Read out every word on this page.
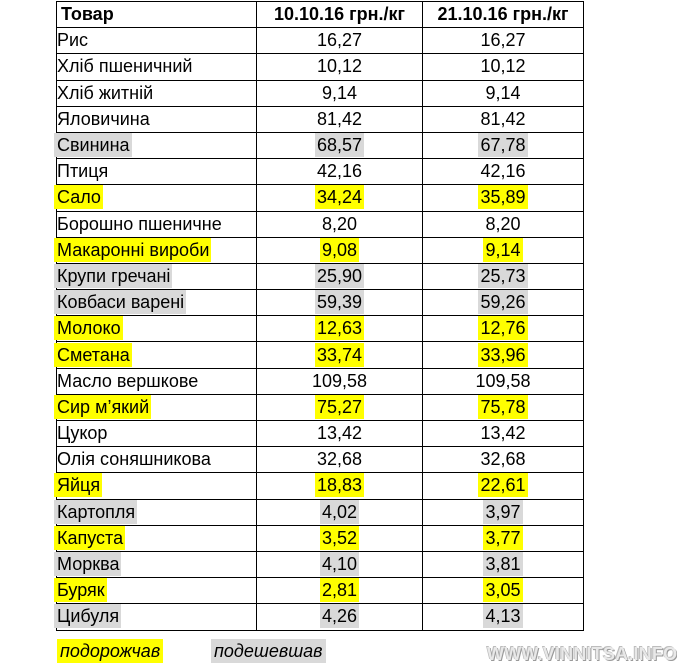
Товар	10.10.16 грн./кг	21.10.16 грн./кг
Рис	16,27	16,27
Хліб пшеничний	10,12	10,12
Хліб житній	9,14	9,14
Яловичина	81,42	81,42
Свинина	68,57	67,78
Птиця	42,16	42,16
Сало	34,24	35,89
Борошно пшеничне	8,20	8,20
Макаронні вироби	9,08	9,14
Крупи гречані	25,90	25,73
Ковбаси варені	59,39	59,26
Молоко	12,63	12,76
Сметана	33,74	33,96
Масло вершкове	109,58	109,58
Сир м’який	75,27	75,78
Цукор	13,42	13,42
Олія соняшникова	32,68	32,68
Яйця	18,83	22,61
Картопля	4,02	3,97
Капуста	3,52	3,77
Морква	4,10	3,81
Буряк	2,81	3,05
Цибуля	4,26	4,13
подорожчав	подешевшав	WWW.VINNITSA.INFO
